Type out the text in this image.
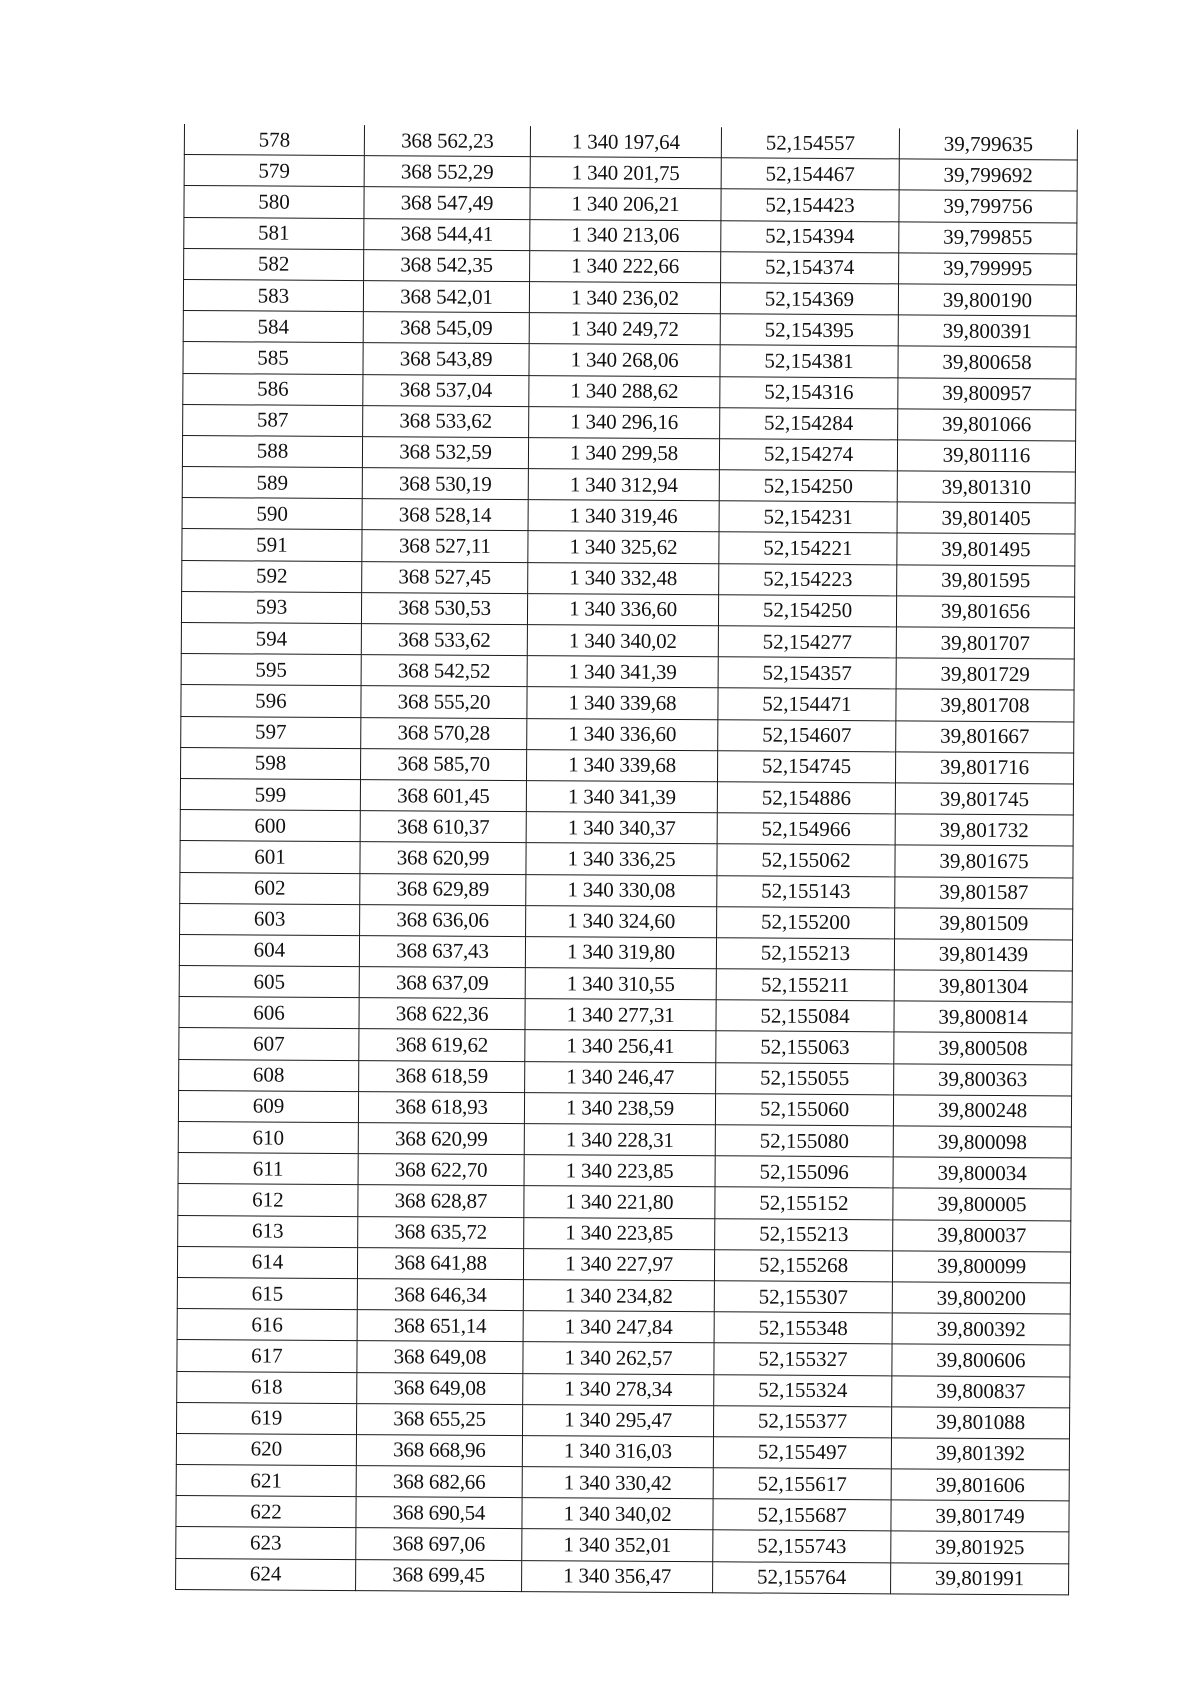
578	368 562,23	1 340 197,64	52,154557	39,799635
579	368 552,29	1 340 201,75	52,154467	39,799692
580	368 547,49	1 340 206,21	52,154423	39,799756
581	368 544,41	1 340 213,06	52,154394	39,799855
582	368 542,35	1 340 222,66	52,154374	39,799995
583	368 542,01	1 340 236,02	52,154369	39,800190
584	368 545,09	1 340 249,72	52,154395	39,800391
585	368 543,89	1 340 268,06	52,154381	39,800658
586	368 537,04	1 340 288,62	52,154316	39,800957
587	368 533,62	1 340 296,16	52,154284	39,801066
588	368 532,59	1 340 299,58	52,154274	39,801116
589	368 530,19	1 340 312,94	52,154250	39,801310
590	368 528,14	1 340 319,46	52,154231	39,801405
591	368 527,11	1 340 325,62	52,154221	39,801495
592	368 527,45	1 340 332,48	52,154223	39,801595
593	368 530,53	1 340 336,60	52,154250	39,801656
594	368 533,62	1 340 340,02	52,154277	39,801707
595	368 542,52	1 340 341,39	52,154357	39,801729
596	368 555,20	1 340 339,68	52,154471	39,801708
597	368 570,28	1 340 336,60	52,154607	39,801667
598	368 585,70	1 340 339,68	52,154745	39,801716
599	368 601,45	1 340 341,39	52,154886	39,801745
600	368 610,37	1 340 340,37	52,154966	39,801732
601	368 620,99	1 340 336,25	52,155062	39,801675
602	368 629,89	1 340 330,08	52,155143	39,801587
603	368 636,06	1 340 324,60	52,155200	39,801509
604	368 637,43	1 340 319,80	52,155213	39,801439
605	368 637,09	1 340 310,55	52,155211	39,801304
606	368 622,36	1 340 277,31	52,155084	39,800814
607	368 619,62	1 340 256,41	52,155063	39,800508
608	368 618,59	1 340 246,47	52,155055	39,800363
609	368 618,93	1 340 238,59	52,155060	39,800248
610	368 620,99	1 340 228,31	52,155080	39,800098
611	368 622,70	1 340 223,85	52,155096	39,800034
612	368 628,87	1 340 221,80	52,155152	39,800005
613	368 635,72	1 340 223,85	52,155213	39,800037
614	368 641,88	1 340 227,97	52,155268	39,800099
615	368 646,34	1 340 234,82	52,155307	39,800200
616	368 651,14	1 340 247,84	52,155348	39,800392
617	368 649,08	1 340 262,57	52,155327	39,800606
618	368 649,08	1 340 278,34	52,155324	39,800837
619	368 655,25	1 340 295,47	52,155377	39,801088
620	368 668,96	1 340 316,03	52,155497	39,801392
621	368 682,66	1 340 330,42	52,155617	39,801606
622	368 690,54	1 340 340,02	52,155687	39,801749
623	368 697,06	1 340 352,01	52,155743	39,801925
624	368 699,45	1 340 356,47	52,155764	39,801991
